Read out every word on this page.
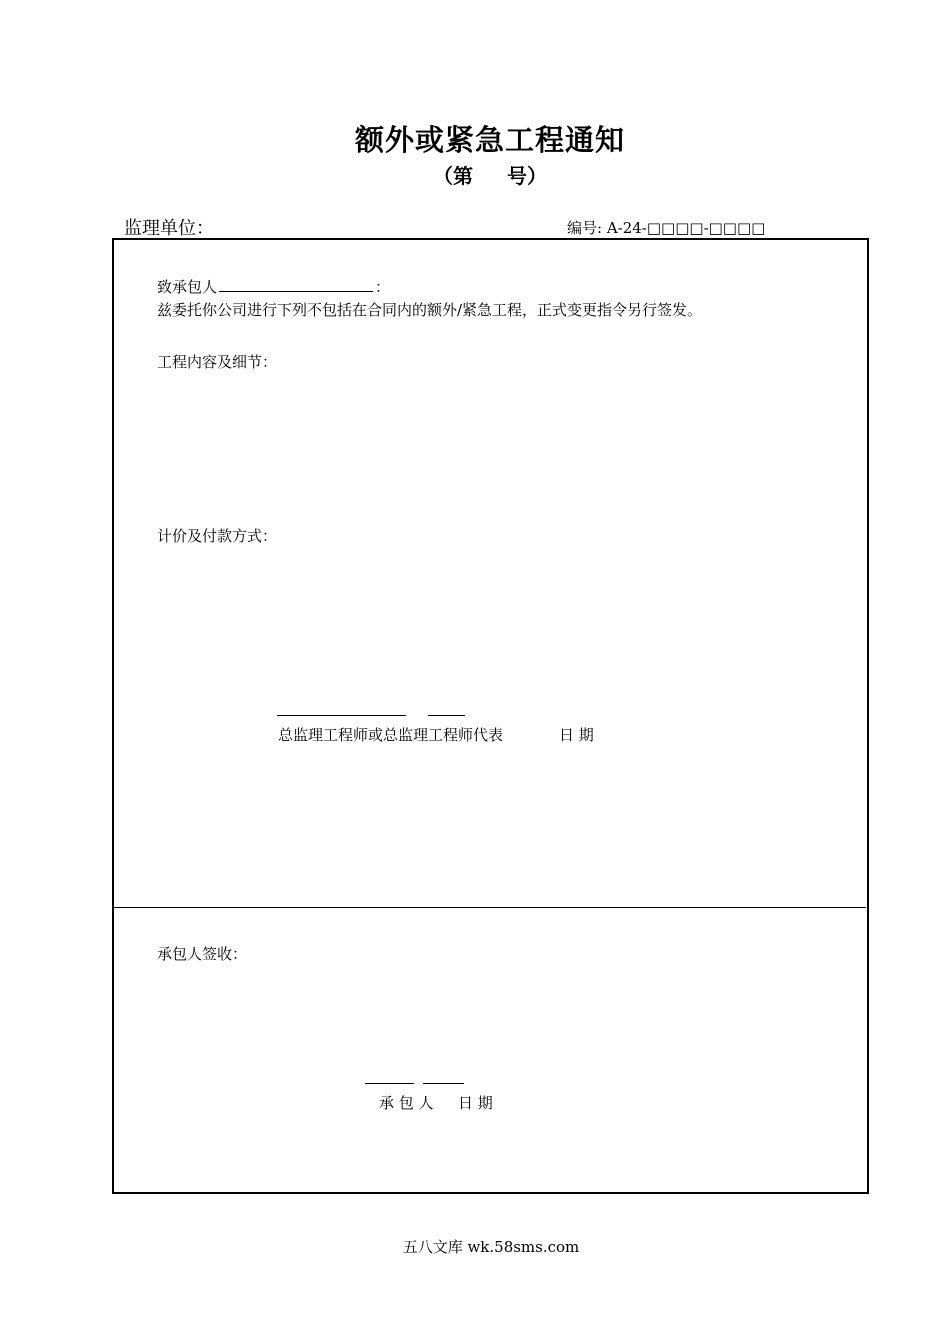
额外或紧急工程通知
（第 号）
监理单位：	编号: A-24-□□□□-□□□□
致承包人	：
兹委托你公司进行下列不包括在合同内的额外/紧急工程，正式变更指令另行签发。
工程内容及细节：
计价及付款方式：
总监理工程师或总监理工程师代表	日 期
承包人签收：
承 包 人 日 期
五八文库 wk.58sms.com
